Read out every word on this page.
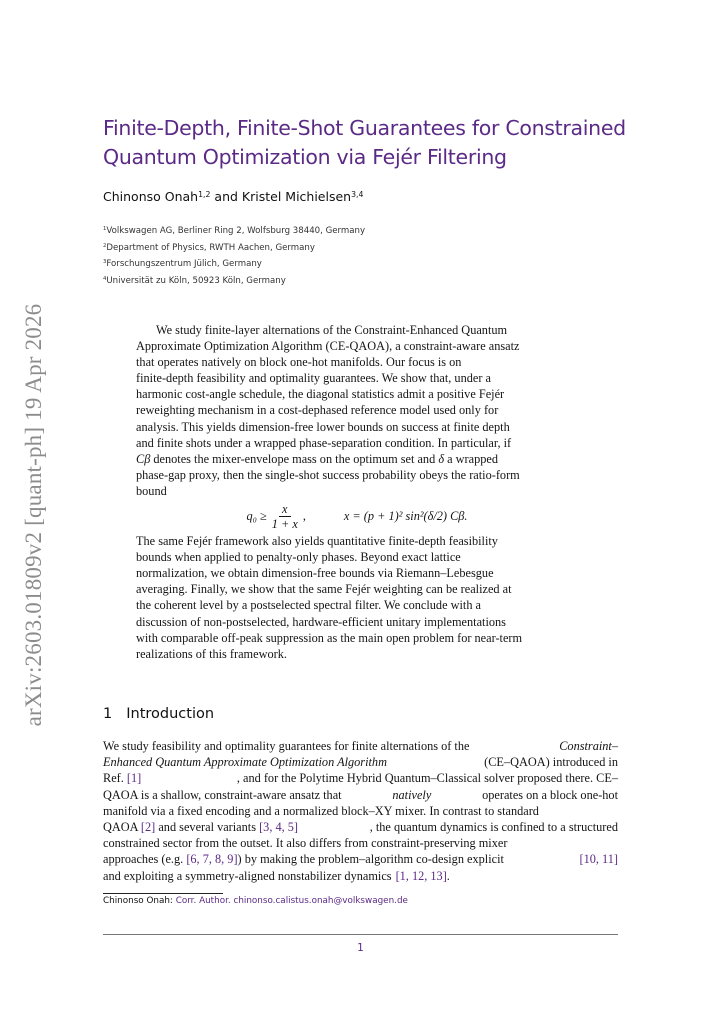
arXiv:2603.01809v2 [quant-ph] 19 Apr 2026
Finite-Depth, Finite-Shot Guarantees for Constrained Quantum Optimization via Fejér Filtering
Chinonso Onah$^{1,2}$ and Kristel Michielsen$^{3,4}$
$^1$Volkswagen AG, Berliner Ring 2, Wolfsburg 38440, Germany
$^2$Department of Physics, RWTH Aachen, Germany
$^3$Forschungszentrum Jülich, Germany
$^4$Universität zu Köln, 50923 Köln, Germany

We study finite-layer alternations of the Constraint-Enhanced Quantum

Approximate Optimization Algorithm (CE-QAOA), a constraint-aware ansatz

that operates natively on block one-hot manifolds. Our focus is on

finite-depth feasibility and optimality guarantees. We show that, under a

harmonic cost-angle schedule, the diagonal statistics admit a positive Fejér

reweighting mechanism in a cost-dephased reference model used only for

analysis. This yields dimension-free lower bounds on success at finite depth

and finite shots under a wrapped phase-separation condition. In particular, if

Cβ denotes the mixer-envelope mass on the optimum set and δ a wrapped

phase-gap proxy, then the single-shot success probability obeys the ratio-form

bound

$q_0 \ge \frac{x}{1 + x}$ ,	x = (p + 1)² sin²(δ/2) Cβ.

The same Fejér framework also yields quantitative finite-depth feasibility

bounds when applied to penalty-only phases. Beyond exact lattice

normalization, we obtain dimension-free bounds via Riemann–Lebesgue

averaging. Finally, we show that the same Fejér weighting can be realized at

the coherent level by a postselected spectral filter. We conclude with a

discussion of non-postselected, hardware-efficient unitary implementations

with comparable off-peak suppression as the main open problem for near-term

realizations of this framework.

1 Introduction
We study feasibility and optimality guarantees for finite alternations of the	Constraint–
Enhanced Quantum Approximate Optimization Algorithm	(CE–QAOA) introduced in
Ref. [1]	, and for the Polytime Hybrid Quantum–Classical solver proposed there. CE–
QAOA is a shallow, constraint-aware ansatz that	natively	operates on a block one-hot
manifold via a fixed encoding and a normalized block–XY mixer. In contrast to standard
QAOA [2] and several variants [3, 4, 5]	, the quantum dynamics is confined to a structured
constrained sector from the outset. It also differs from constraint-preserving mixer
approaches (e.g. [6, 7, 8, 9]) by making the problem–algorithm co-design explicit	[10, 11]
and exploiting a symmetry-aligned nonstabilizer dynamics [1, 12, 13] .
Chinonso Onah: Corr. Author. chinonso.calistus.onah@volkswagen.de
1
